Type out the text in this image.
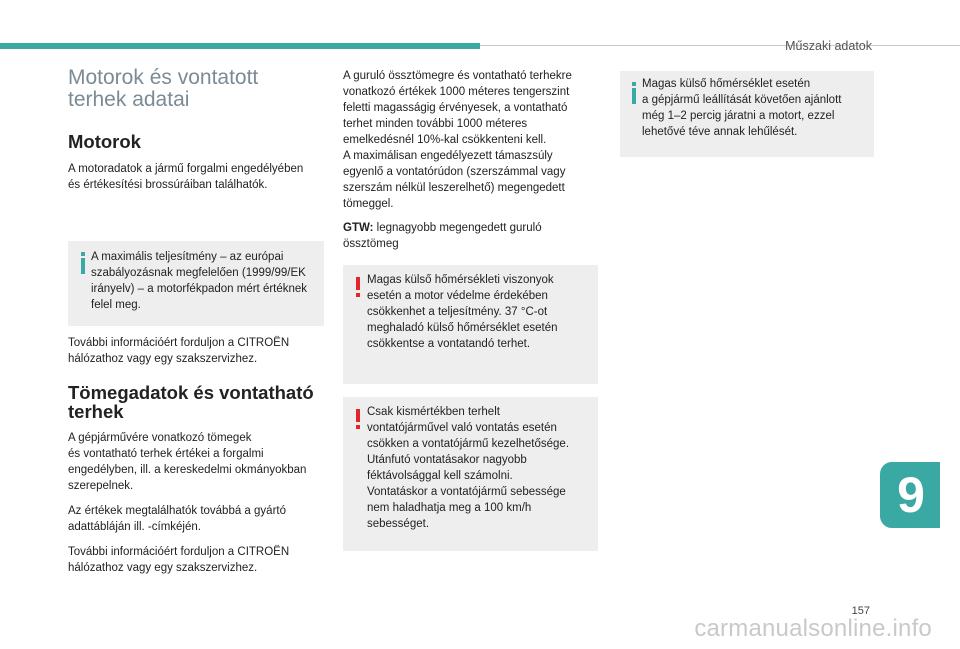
Műszaki adatok
Motorok és vontatott terhek adatai
Motorok
A motoradatok a jármű forgalmi engedélyében
és értékesítési brossúráiban találhatók.
A maximális teljesítmény – az európai
szabályozásnak megfelelően (1999/99/EK
irányelv) – a motorfékpadon mért értéknek
felel meg.
További információért forduljon a CITROËN
hálózathoz vagy egy szakszervizhez.
Tömegadatok és vontatható terhek
A gépjárművére vonatkozó tömegek
és vontatható terhek értékei a forgalmi
engedélyben, ill. a kereskedelmi okmányokban
szerepelnek.
Az értékek megtalálhatók továbbá a gyártó
adattábláján ill. -címkéjén.
További információért forduljon a CITROËN
hálózathoz vagy egy szakszervizhez.
A guruló össztömegre és vontatható terhekre
vonatkozó értékek 1000 méteres tengerszint
feletti magasságig érvényesek, a vontatható
terhet minden további 1000 méteres
emelkedésnél 10%-kal csökkenteni kell.
A maximálisan engedélyezett támaszsúly
egyenlő a vontatórúdon (szerszámmal vagy
szerszám nélkül leszerelhető) megengedett
tömeggel.
GTW: legnagyobb megengedett guruló
össztömeg
Magas külső hőmérsékleti viszonyok
esetén a motor védelme érdekében
csökkenhet a teljesítmény. 37 °C-ot
meghaladó külső hőmérséklet esetén
csökkentse a vontatandó terhet.
Csak kismértékben terhelt
vontatójárművel való vontatás esetén
csökken a vontatójármű kezelhetősége.
Utánfutó vontatásakor nagyobb
féktávolsággal kell számolni.
Vontatáskor a vontatójármű sebessége
nem haladhatja meg a 100 km/h
sebességet.
Magas külső hőmérséklet esetén
a gépjármű leállítását követően ajánlott
még 1–2 percig járatni a motort, ezzel
lehetővé téve annak lehűlését.
9
157
carmanualsonline.info
